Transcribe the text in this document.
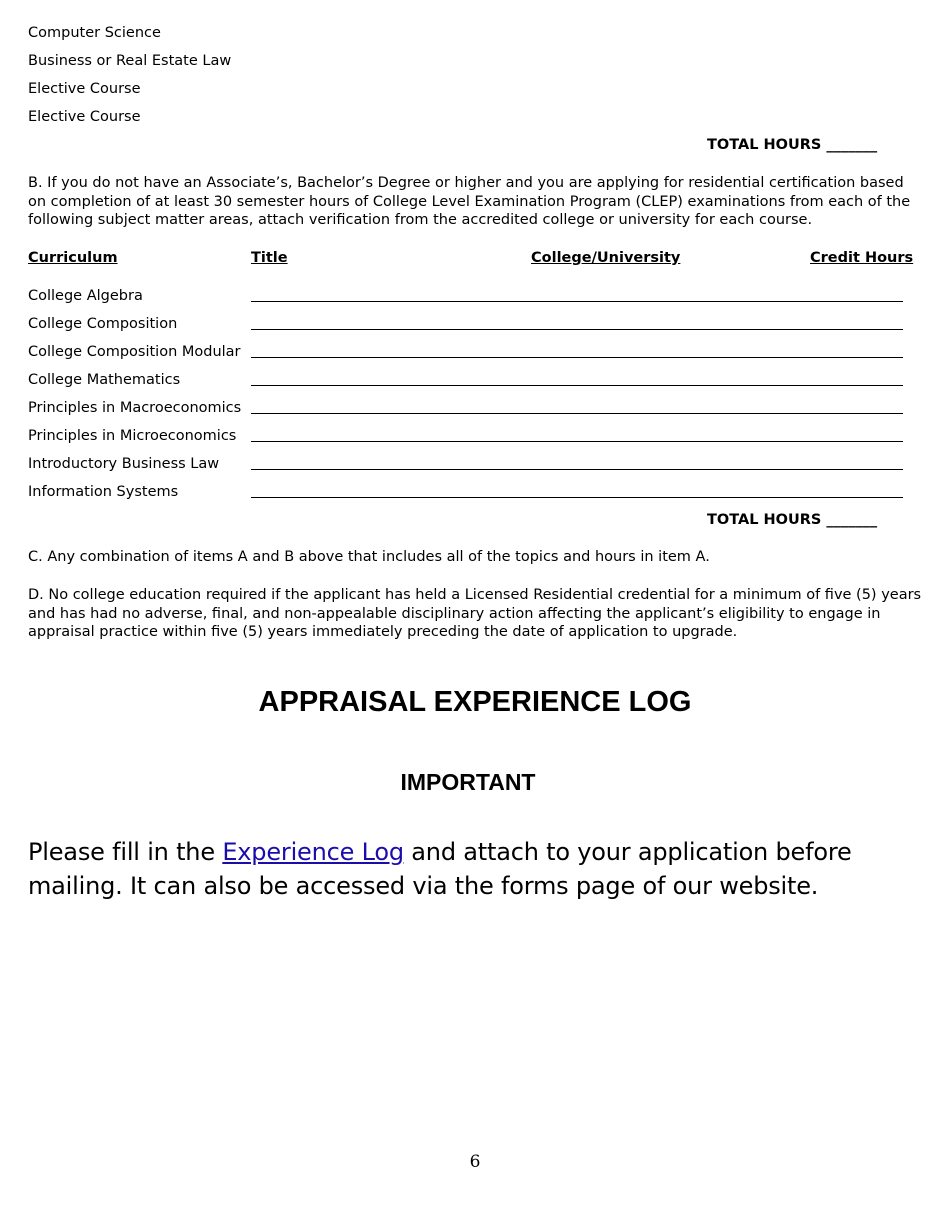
Computer Science
Business or Real Estate Law
Elective Course
Elective Course
TOTAL HOURS _______
B. If you do not have an Associate’s, Bachelor’s Degree or higher and you are applying for residential certification based on completion of at least 30 semester hours of College Level Examination Program (CLEP) examinations from each of the following subject matter areas, attach verification from the accredited college or university for each course.
Curriculum	Title	College/University	Credit Hours
College Algebra
College Composition
College Composition Modular
College Mathematics
Principles in Macroeconomics
Principles in Microeconomics
Introductory Business Law
Information Systems
TOTAL HOURS _______
C. Any combination of items A and B above that includes all of the topics and hours in item A.
D. No college education required if the applicant has held a Licensed Residential credential for a minimum of five (5) years and has had no adverse, final, and non-appealable disciplinary action affecting the applicant’s eligibility to engage in appraisal practice within five (5) years immediately preceding the date of application to upgrade.
APPRAISAL EXPERIENCE LOG
IMPORTANT
Please fill in the Experience Log and attach to your application before mailing. It can also be accessed via the forms page of our website.
6
